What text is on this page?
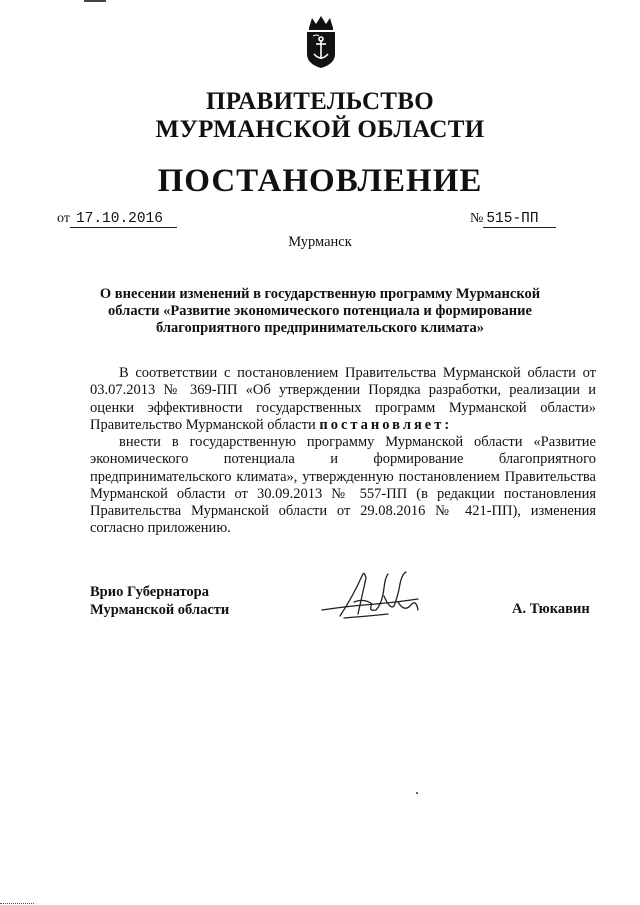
ПРАВИТЕЛЬСТВО
МУРМАНСКОЙ ОБЛАСТИ
ПОСТАНОВЛЕНИЕ
от 17.10.2016	№ 515-ПП
Мурманск
О внесении изменений в государственную программу Мурманской
области «Развитие экономического потенциала и формирование
благоприятного предпринимательского климата»
В соответствии с постановлением Правительства Мурманской области от 03.07.2013 № 369-ПП «Об утверждении Порядка разработки, реализации и оценки эффективности государственных программ Мурманской области» Правительство Мурманской области постановляет:
внести в государственную программу Мурманской области «Развитие экономического потенциала и формирование благоприятного предпринимательского климата», утвержденную постановлением Правительства Мурманской области от 30.09.2013 № 557-ПП (в редакции постановления Правительства Мурманской области от 29.08.2016 № 421-ПП), изменения согласно приложению.
Врио Губернатора
Мурманской области	А. Тюкавин
